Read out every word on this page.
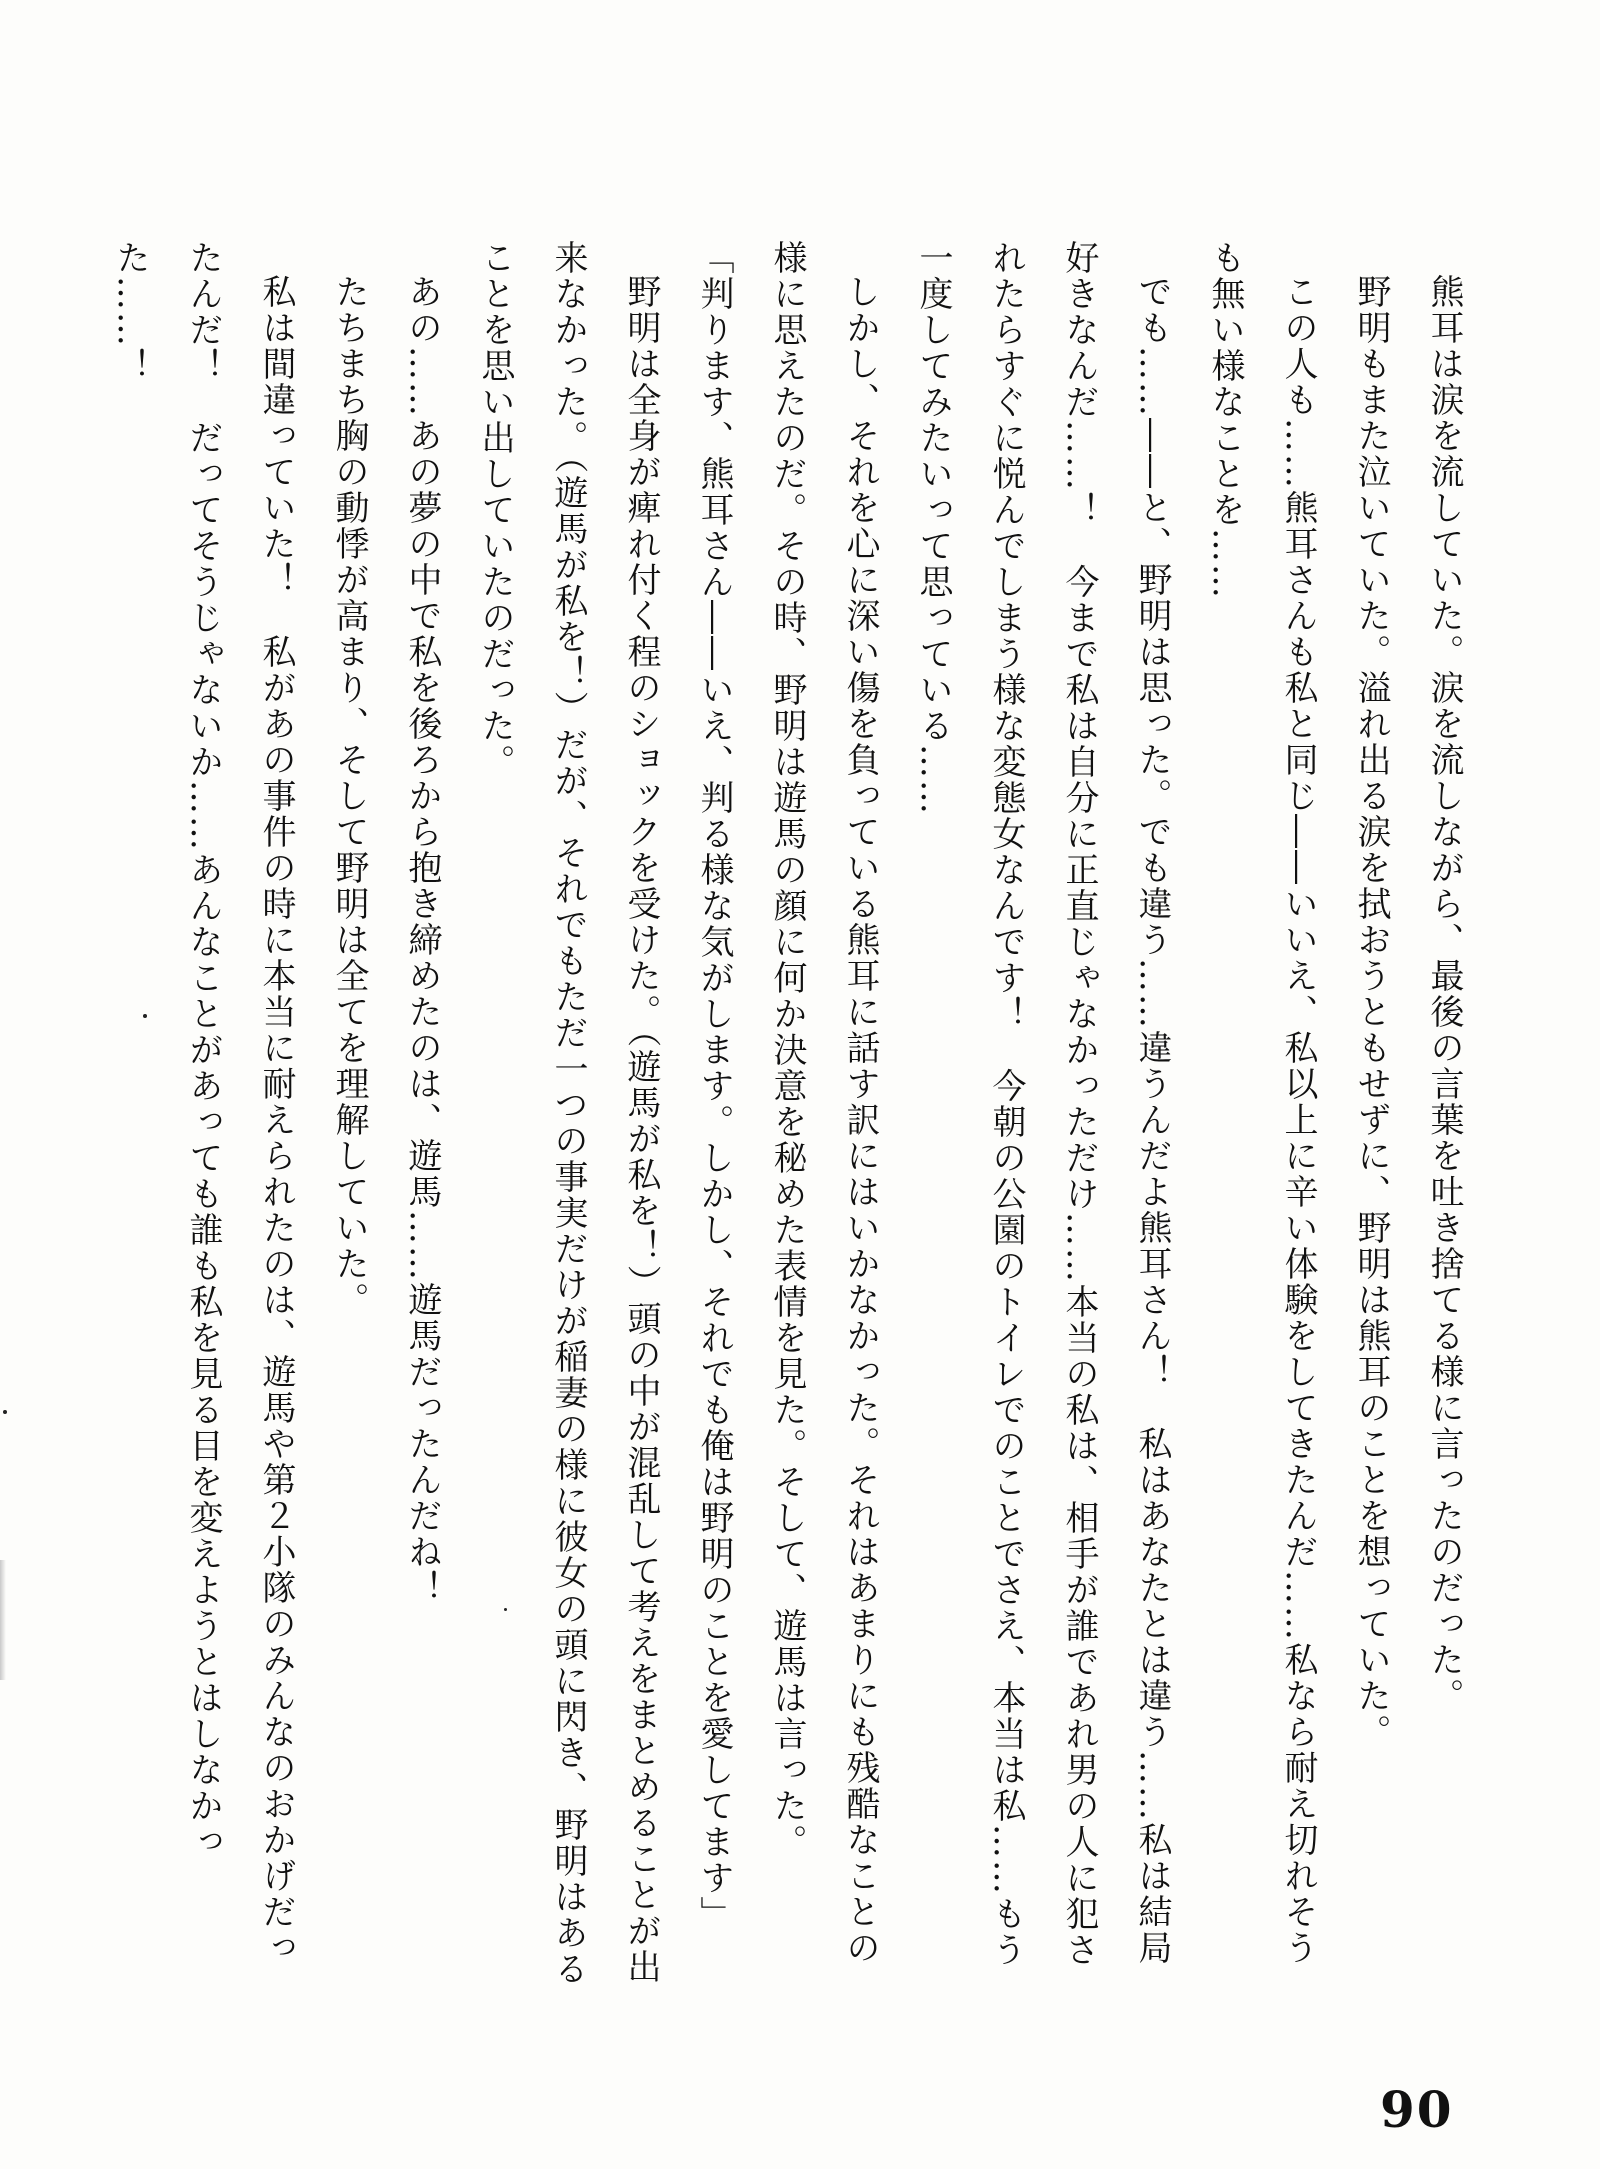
熊耳は涙を流していた。涙を流しながら、最後の言葉を吐き捨てる様に言ったのだった。

野明もまた泣いていた。溢れ出る涙を拭おうともせずに、野明は熊耳のことを想っていた。

この人も……熊耳さんも私と同じ――いいえ、私以上に辛い体験をしてきたんだ……私なら耐え切れそうも無い様なことを……

でも……――と、野明は思った。でも違う……違うんだよ熊耳さん！　私はあなたとは違う……私は結局好きなんだ……！　今まで私は自分に正直じゃなかっただけ……本当の私は、相手が誰であれ男の人に犯されたらすぐに悦んでしまう様な変態女なんです！　今朝の公園のトイレでのことでさえ、本当は私……もう一度してみたいって思っている……

しかし、それを心に深い傷を負っている熊耳に話す訳にはいかなかった。それはあまりにも残酷なことの様に思えたのだ。その時、野明は遊馬の顔に何か決意を秘めた表情を見た。そして、遊馬は言った。

「判ります、熊耳さん――いえ、判る様な気がします。しかし、それでも俺は野明のことを愛してます」

野明は全身が痺れ付く程のショックを受けた。（遊馬が私を！）頭の中が混乱して考えをまとめることが出来なかった。（遊馬が私を！）だが、それでもただ一つの事実だけが稲妻の様に彼女の頭に閃き、野明はあることを思い出していたのだった。

あの……あの夢の中で私を後ろから抱き締めたのは、遊馬……遊馬だったんだね！

たちまち胸の動悸が高まり、そして野明は全てを理解していた。

私は間違っていた！　私があの事件の時に本当に耐えられたのは、遊馬や第２小隊のみんなのおかげだったんだ！　だってそうじゃないか……あんなことがあっても誰も私を見る目を変えようとはしなかった……！

90
